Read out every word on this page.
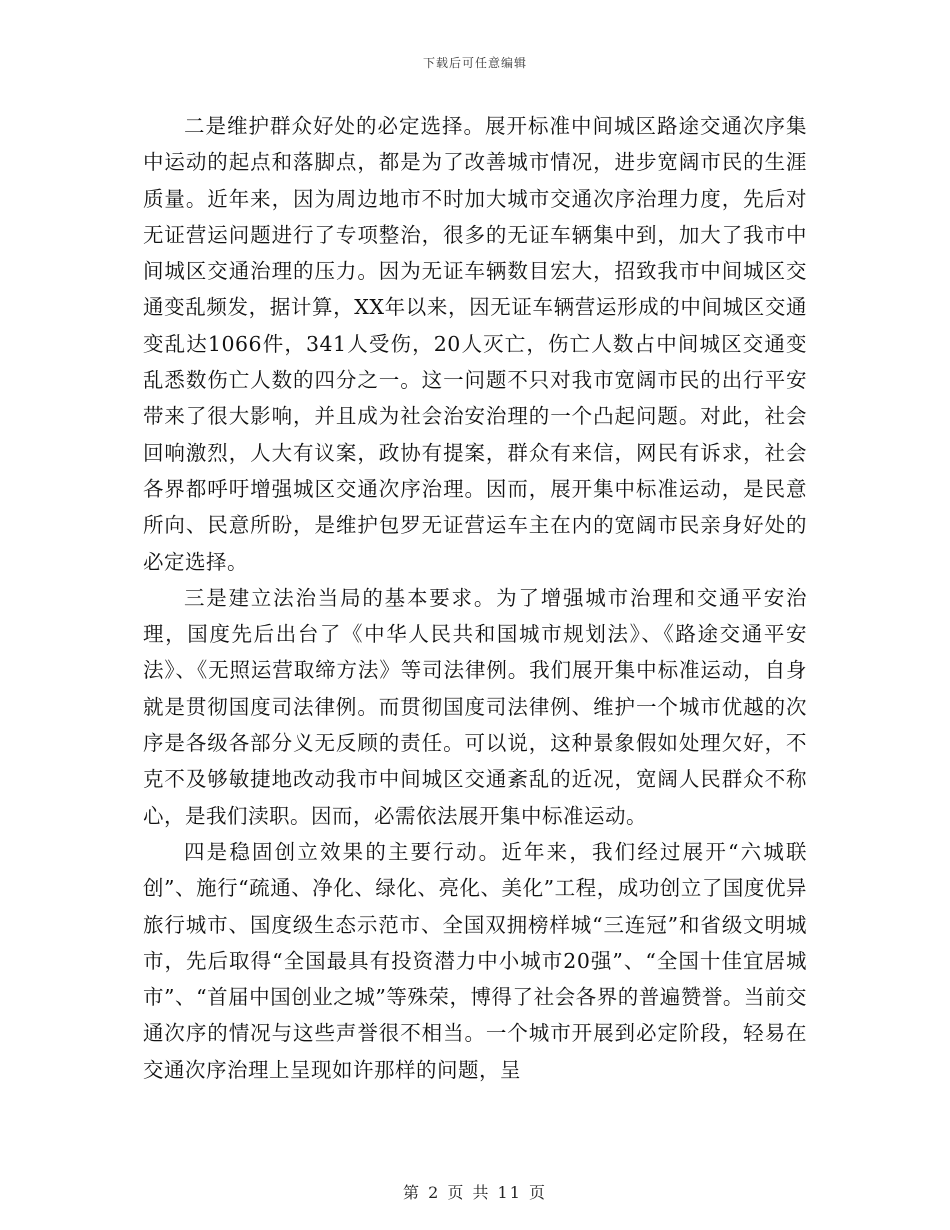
下载后可任意编辑

二是维护群众好处的必定选择。展开标准中间城区路途交通次序集中运动的起点和落脚点，都是为了改善城市情况，进步宽阔市民的生涯质量。近年来，因为周边地市不时加大城市交通次序治理力度，先后对无证营运问题进行了专项整治，很多的无证车辆集中到，加大了我市中间城区交通治理的压力。因为无证车辆数目宏大，招致我市中间城区交通变乱频发，据计算，XX年以来，因无证车辆营运形成的中间城区交通变乱达1066件，341人受伤，20人灭亡，伤亡人数占中间城区交通变乱悉数伤亡人数的四分之一。这一问题不只对我市宽阔市民的出行平安带来了很大影响，并且成为社会治安治理的一个凸起问题。对此，社会回响激烈，人大有议案，政协有提案，群众有来信，网民有诉求，社会各界都呼吁增强城区交通次序治理。因而，展开集中标准运动，是民意所向、民意所盼，是维护包罗无证营运车主在内的宽阔市民亲身好处的必定选择。

三是建立法治当局的基本要求。为了增强城市治理和交通平安治理，国度先后出台了《中华人民共和国城市规划法》、《路途交通平安法》、《无照运营取缔方法》等司法律例。我们展开集中标准运动，自身就是贯彻国度司法律例。而贯彻国度司法律例、维护一个城市优越的次序是各级各部分义无反顾的责任。可以说，这种景象假如处理欠好，不克不及够敏捷地改动我市中间城区交通紊乱的近况，宽阔人民群众不称心，是我们渎职。因而，必需依法展开集中标准运动。

四是稳固创立效果的主要行动。近年来，我们经过展开“六城联创”、施行“疏通、净化、绿化、亮化、美化”工程，成功创立了国度优异旅行城市、国度级生态示范市、全国双拥榜样城“三连冠”和省级文明城市，先后取得“全国最具有投资潜力中小城市20强”、“全国十佳宜居城市”、“首届中国创业之城”等殊荣，博得了社会各界的普遍赞誉。当前交通次序的情况与这些声誉很不相当。一个城市开展到必定阶段，轻易在交通次序治理上呈现如许那样的问题，呈

第 2 页 共 11 页
